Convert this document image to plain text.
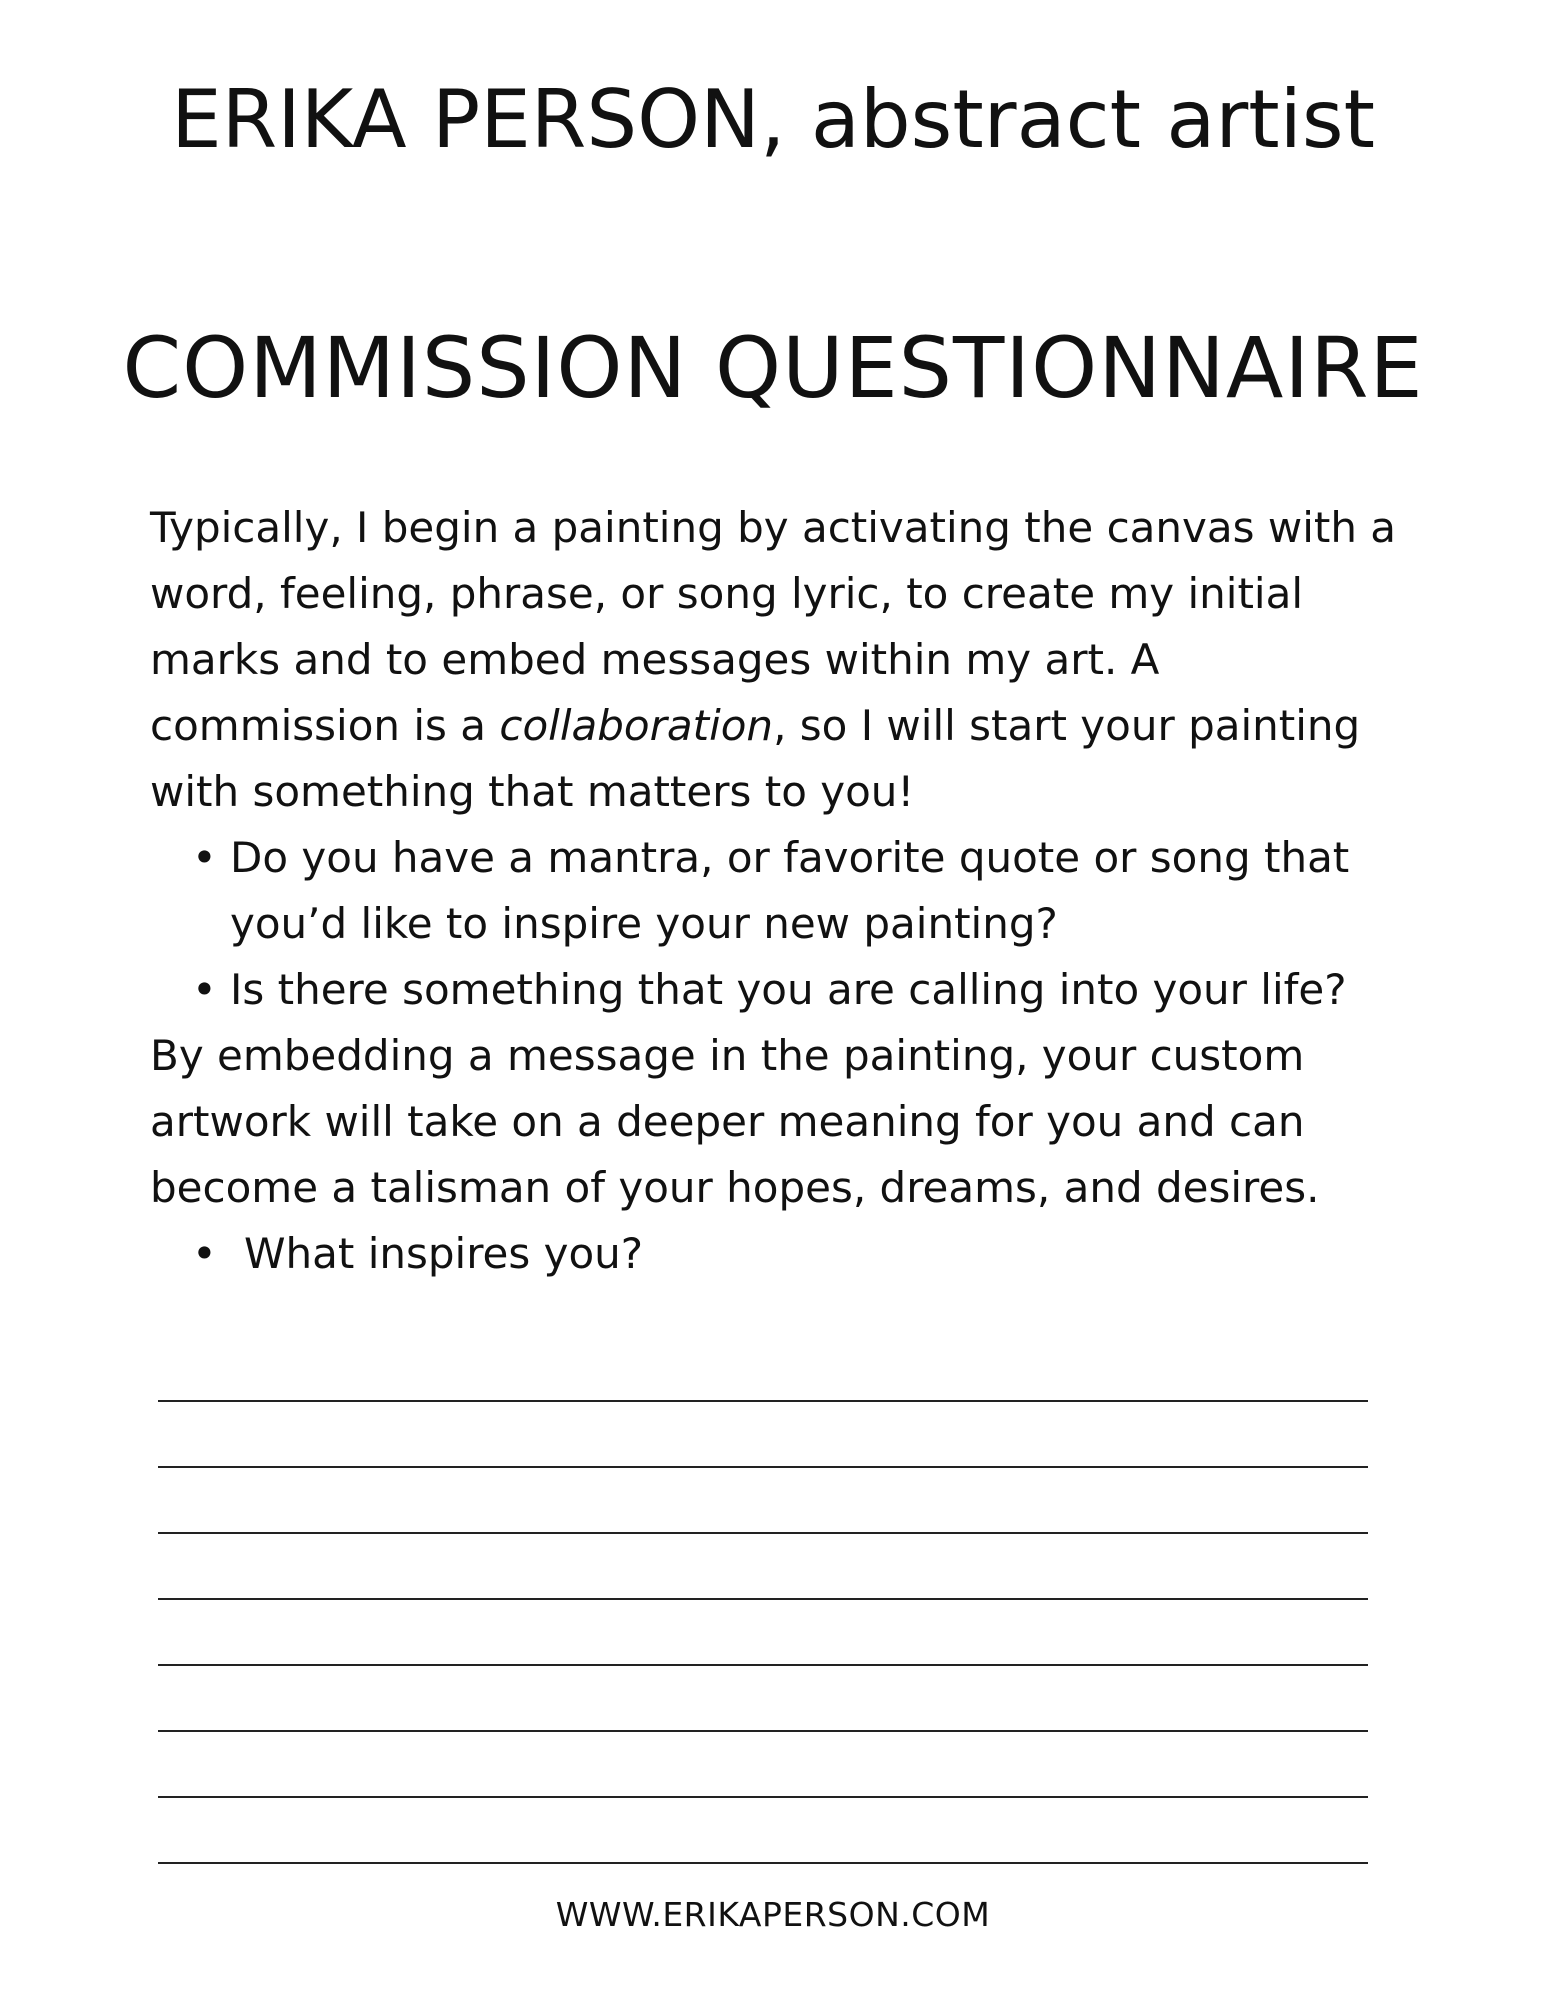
ERIKA PERSON, abstract artist
COMMISSION QUESTIONNAIRE

Typically, I begin a painting by activating the canvas with a word, feeling, phrase, or song lyric, to create my initial marks and to embed messages within my art. A commission is a collaboration, so I will start your painting with something that matters to you!

• Do you have a mantra, or favorite quote or song that you’d like to inspire your new painting?
• Is there something that you are calling into your life?

By embedding a message in the painting, your custom artwork will take on a deeper meaning for you and can become a talisman of your hopes, dreams, and desires.

• What inspires you?

WWW.ERIKAPERSON.COM
